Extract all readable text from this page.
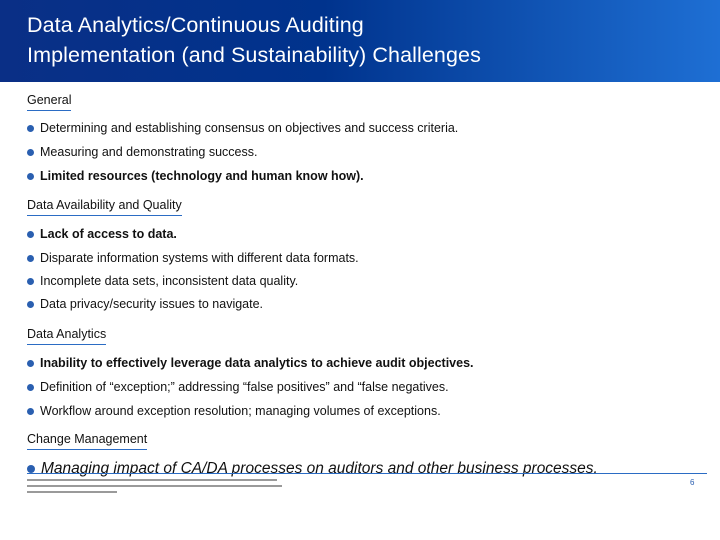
Data Analytics/Continuous Auditing
Implementation (and Sustainability) Challenges
General
Determining and establishing consensus on objectives and success criteria.
Measuring and demonstrating success.
Limited resources (technology and human know how).
Data Availability and Quality
Lack of access to data.
Disparate information systems with different data formats.
Incomplete data sets, inconsistent data quality.
Data privacy/security issues to navigate.
Data Analytics
Inability to effectively leverage data analytics to achieve audit objectives.
Definition of “exception;” addressing “false positives” and “false negatives.
Workflow around exception resolution; managing volumes of exceptions.
Change Management
Managing impact of CA/DA processes on auditors and other business processes.
6
